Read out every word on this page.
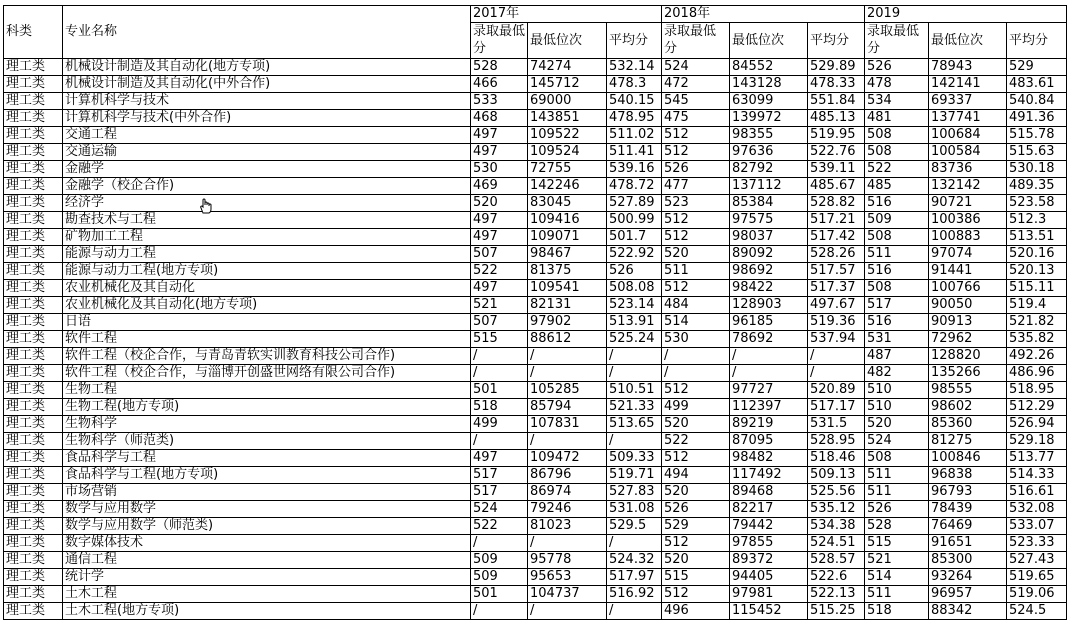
科类	专业名称	2017年			2018年			2019		
		录取最低分	最低位次	平均分	录取最低分	最低位次	平均分	录取最低分	最低位次	平均分
理工类	机械设计制造及其自动化(地方专项)	528	74274	532.14	524	84552	529.89	526	78943	529
理工类	机械设计制造及其自动化(中外合作)	466	145712	478.3	472	143128	478.33	478	142141	483.61
理工类	计算机科学与技术	533	69000	540.15	545	63099	551.84	534	69337	540.84
理工类	计算机科学与技术(中外合作)	468	143851	478.95	475	139972	485.13	481	137741	491.36
理工类	交通工程	497	109522	511.02	512	98355	519.95	508	100684	515.78
理工类	交通运输	497	109524	511.41	512	97636	522.76	508	100584	515.63
理工类	金融学	530	72755	539.16	526	82792	539.11	522	83736	530.18
理工类	金融学（校企合作)	469	142246	478.72	477	137112	485.67	485	132142	489.35
理工类	经济学	520	83045	527.89	523	85384	528.82	516	90721	523.58
理工类	勘查技术与工程	497	109416	500.99	512	97575	517.21	509	100386	512.3
理工类	矿物加工工程	497	109071	501.7	512	98037	517.42	508	100883	513.51
理工类	能源与动力工程	507	98467	522.92	520	89092	528.26	511	97074	520.16
理工类	能源与动力工程(地方专项)	522	81375	526	511	98692	517.57	516	91441	520.13
理工类	农业机械化及其自动化	497	109541	508.08	512	98422	517.37	508	100766	515.11
理工类	农业机械化及其自动化(地方专项)	521	82131	523.14	484	128903	497.67	517	90050	519.4
理工类	日语	507	97902	513.91	514	96185	519.36	516	90913	521.82
理工类	软件工程	515	88612	525.24	530	78692	537.94	531	72962	535.82
理工类	软件工程（校企合作，与青岛青软实训教育科技公司合作)	/	/	/	/	/	/	487	128820	492.26
理工类	软件工程（校企合作，与淄博开创盛世网络有限公司合作)	/	/	/	/	/	/	482	135266	486.96
理工类	生物工程	501	105285	510.51	512	97727	520.89	510	98555	518.95
理工类	生物工程(地方专项)	518	85794	521.33	499	112397	517.17	510	98602	512.29
理工类	生物科学	499	107831	513.65	520	89219	531.5	520	85360	526.94
理工类	生物科学（师范类)	/	/	/	522	87095	528.95	524	81275	529.18
理工类	食品科学与工程	497	109472	509.33	512	98482	518.46	508	100846	513.77
理工类	食品科学与工程(地方专项)	517	86796	519.71	494	117492	509.13	511	96838	514.33
理工类	市场营销	517	86974	527.83	520	89468	525.56	511	96793	516.61
理工类	数学与应用数学	524	79246	531.08	526	82217	535.12	526	78439	532.08
理工类	数学与应用数学（师范类)	522	81023	529.5	529	79442	534.38	528	76469	533.07
理工类	数字媒体技术	/	/	/	512	97855	524.51	515	91651	523.33
理工类	通信工程	509	95778	524.32	520	89372	528.57	521	85300	527.43
理工类	统计学	509	95653	517.97	515	94405	522.6	514	93264	519.65
理工类	土木工程	501	104737	516.92	512	97981	522.13	511	96957	519.06
理工类	土木工程(地方专项)	/	/	/	496	115452	515.25	518	88342	524.5
